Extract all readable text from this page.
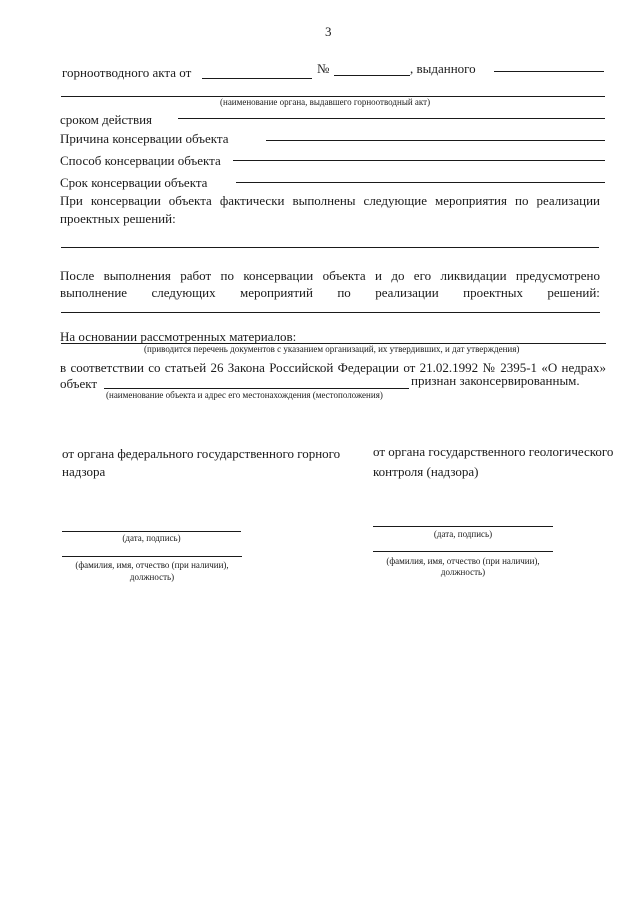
3
горноотводного акта от	№	, выданного
(наименование органа, выдавшего горноотводный акт)
сроком действия
Причина консервации объекта
Способ консервации объекта
Срок консервации объекта
При консервации объекта фактически выполнены следующие мероприятия по реализации
проектных решений:
После выполнения работ по консервации объекта и до его ликвидации предусмотрено
выполнение следующих мероприятий по реализации проектных решений:
На основании рассмотренных материалов:
(приводится перечень документов с указанием организаций, их утвердивших, и дат утверждения)
в соответствии со статьей 26 Закона Российской Федерации от 21.02.1992 № 2395-1 «О недрах»
объект	признан законсервированным.
(наименование объекта и адрес его местонахождения (местоположения)
от органа федерального государственного горного
надзора
(дата, подпись)
(фамилия, имя, отчество (при наличии),
должность)
от органа государственного геологического
контроля (надзора)
(дата, подпись)
(фамилия, имя, отчество (при наличии),
должность)
